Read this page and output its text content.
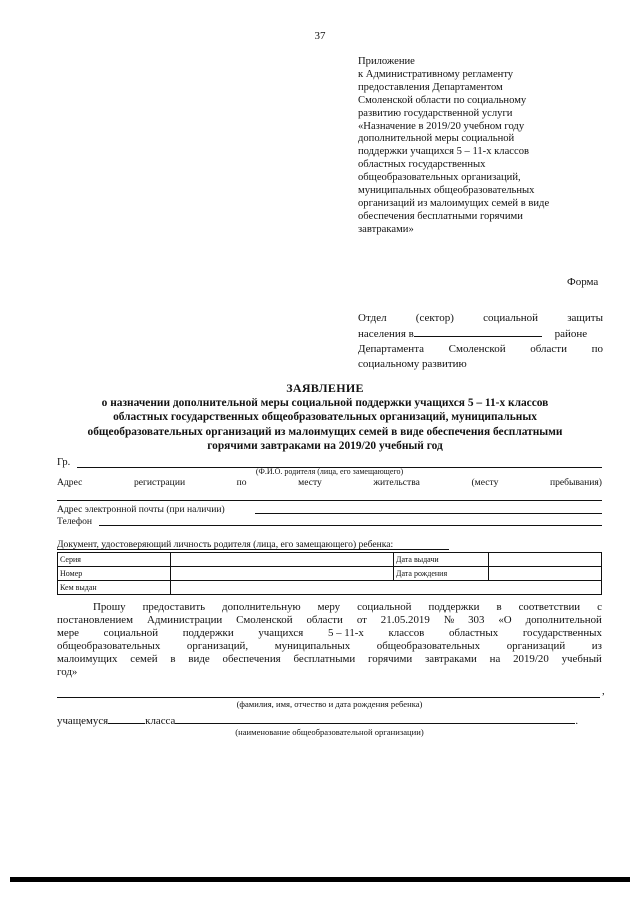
37
Приложение
к Административному регламенту
предоставления Департаментом
Смоленской области по социальному
развитию государственной услуги
«Назначение в 2019/20 учебном году
дополнительной меры социальной
поддержки учащихся 5 – 11-х классов
областных государственных
общеобразовательных организаций,
муниципальных общеобразовательных
организаций из малоимущих семей в виде
обеспечения бесплатными горячими
завтраками»
Форма
Отдел	(сектор)	социальной	защиты
населения в	районе
Департамента Смоленской области по
социальному развитию
ЗАЯВЛЕНИЕ
о назначении дополнительной меры социальной поддержки учащихся 5 – 11-х классов
областных государственных общеобразовательных организаций, муниципальных
общеобразовательных организаций из малоимущих семей в виде обеспечения бесплатными
горячими завтраками на 2019/20 учебный год
Гр.
(Ф.И.О. родителя (лица, его замещающего)
Адрес	регистрации	по	месту	жительства	(месту	пребывания)
Адрес электронной почты (при наличии)
Телефон
Документ, удостоверяющий личность родителя (лица, его замещающего) ребенка:
Серия		Дата выдачи	
Номер		Дата рождения	
Кем выдан			
Прошу предоставить дополнительную меру социальной поддержки в соответствии с
постановлением Администрации Смоленской области от 21.05.2019 № 303 «О дополнительной
мере социальной поддержки учащихся 5 – 11-х классов областных государственных
общеобразовательных организаций, муниципальных общеобразовательных организаций из
малоимущих семей в виде обеспечения бесплатными горячими завтраками на 2019/20 учебный
год»
,
(фамилия, имя, отчество и дата рождения ребенка)
учащемуся	класса	.
(наименование общеобразовательной организации)
